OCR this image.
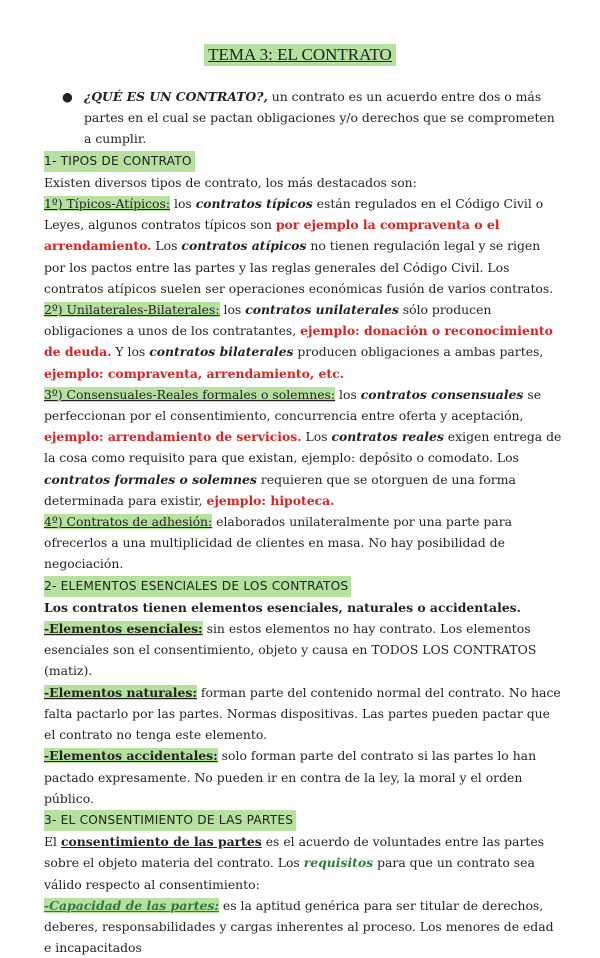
TEMA 3: EL CONTRATO

● ¿QUÉ ES UN CONTRATO?, un contrato es un acuerdo entre dos o más partes en el cual se pactan obligaciones y/o derechos que se comprometen a cumplir.

1- TIPOS DE CONTRATO

Existen diversos tipos de contrato, los más destacados son:

1º) Típicos-Atípicos: los contratos típicos están regulados en el Código Civil o Leyes, algunos contratos típicos son por ejemplo la compraventa o el arrendamiento. Los contratos atípicos no tienen regulación legal y se rigen por los pactos entre las partes y las reglas generales del Código Civil. Los contratos atípicos suelen ser operaciones económicas fusión de varios contratos.

2º) Unilaterales-Bilaterales: los contratos unilaterales sólo producen obligaciones a unos de los contratantes, ejemplo: donación o reconocimiento de deuda. Y los contratos bilaterales producen obligaciones a ambas partes, ejemplo: compraventa, arrendamiento, etc.

3º) Consensuales-Reales formales o solemnes: los contratos consensuales se perfeccionan por el consentimiento, concurrencia entre oferta y aceptación, ejemplo: arrendamiento de servicios. Los contratos reales exigen entrega de la cosa como requisito para que existan, ejemplo: depósito o comodato. Los contratos formales o solemnes requieren que se otorguen de una forma determinada para existir, ejemplo: hipoteca.

4º) Contratos de adhesión: elaborados unilateralmente por una parte para ofrecerlos a una multiplicidad de clientes en masa. No hay posibilidad de negociación.

2- ELEMENTOS ESENCIALES DE LOS CONTRATOS

Los contratos tienen elementos esenciales, naturales o accidentales.

-Elementos esenciales: sin estos elementos no hay contrato. Los elementos esenciales son el consentimiento, objeto y causa en TODOS LOS CONTRATOS (matiz).

-Elementos naturales: forman parte del contenido normal del contrato. No hace falta pactarlo por las partes. Normas dispositivas. Las partes pueden pactar que el contrato no tenga este elemento.

-Elementos accidentales: solo forman parte del contrato si las partes lo han pactado expresamente. No pueden ir en contra de la ley, la moral y el orden público.

3- EL CONSENTIMIENTO DE LAS PARTES

El consentimiento de las partes es el acuerdo de voluntades entre las partes sobre el objeto materia del contrato. Los requisitos para que un contrato sea válido respecto al consentimiento:

-Capacidad de las partes: es la aptitud genérica para ser titular de derechos, deberes, responsabilidades y cargas inherentes al proceso. Los menores de edad e incapacitados
